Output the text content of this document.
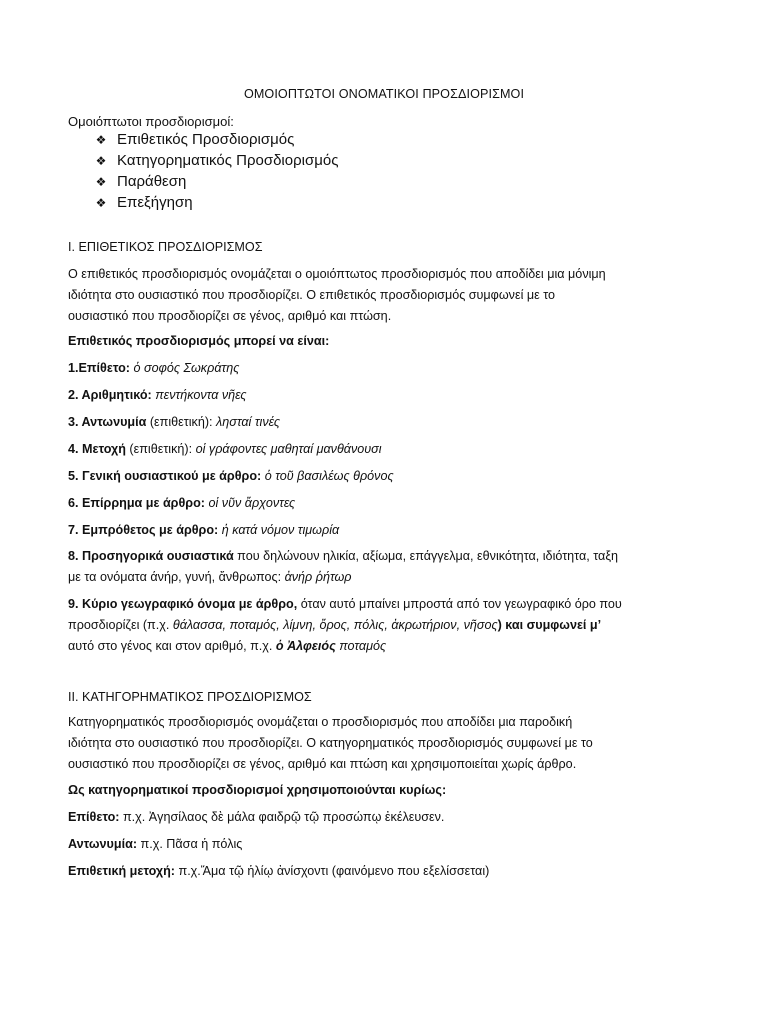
ΟΜΟΙΟΠΤΩΤΟΙ ΟΝΟΜΑΤΙΚΟΙ ΠΡΟΣΔΙΟΡΙΣΜΟΙ
Ομοιόπτωτοι προσδιορισμοί:
❖ Επιθετικός Προσδιορισμός
❖ Κατηγορηματικός Προσδιορισμός
❖ Παράθεση
❖ Επεξήγηση
Ι. ΕΠΙΘΕΤΙΚΟΣ ΠΡΟΣΔΙΟΡΙΣΜΟΣ
Ο επιθετικός προσδιορισμός ονομάζεται ο ομοιόπτωτος προσδιορισμός που αποδίδει μια μόνιμη
ιδιότητα στο ουσιαστικό που προσδιορίζει. Ο επιθετικός προσδιορισμός συμφωνεί με το
ουσιαστικό που προσδιορίζει σε γένος, αριθμό και πτώση.
Επιθετικός προσδιορισμός μπορεί να είναι:
1.Επίθετο: ὁ σοφός Σωκράτης
2. Αριθμητικό: πεντήκοντα νῆες
3. Αντωνυμία (επιθετική): λησταί τινές
4. Μετοχή (επιθετική): οἱ γράφοντες μαθηταί μανθάνουσι
5. Γενική ουσιαστικού με άρθρο: ὁ τοῦ βασιλέως θρόνος
6. Επίρρημα με άρθρο: οἱ νῦν ἄρχοντες
7. Εμπρόθετος με άρθρο: ἡ κατά νόμον τιμωρία
8. Προσηγορικά ουσιαστικά που δηλώνουν ηλικία, αξίωμα, επάγγελμα, εθνικότητα, ιδιότητα, ταξη
με τα ονόματα άνήρ, γυνή, ἄνθρωπος: ἀνήρ ῥήτωρ
9. Κύριο γεωγραφικό όνομα με άρθρο, όταν αυτό μπαίνει μπροστά από τον γεωγραφικό όρο που
προσδιορίζει (π.χ. θάλασσα, ποταμός, λίμνη, ὄρος, πόλις, ἀκρωτήριον, νῆσος) και συμφωνεί μ’
αυτό στο γένος και στον αριθμό, π.χ. ὁ Ἀλφειός ποταμός
ΙΙ. ΚΑΤΗΓΟΡΗΜΑΤΙΚΟΣ ΠΡΟΣΔΙΟΡΙΣΜΟΣ
Κατηγορηματικός προσδιορισμός ονομάζεται ο προσδιορισμός που αποδίδει μια παροδική
ιδιότητα στο ουσιαστικό που προσδιορίζει. Ο κατηγορηματικός προσδιορισμός συμφωνεί με το
ουσιαστικό που προσδιορίζει σε γένος, αριθμό και πτώση και χρησιμοποιείται χωρίς άρθρο.
Ως κατηγορηματικοί προσδιορισμοί χρησιμοποιούνται κυρίως:
Επίθετο: π.χ. Ἀγησίλαος δὲ μάλα φαιδρῷ τῷ προσώπῳ ἐκέλευσεν.
Αντωνυμία: π.χ. Πᾶσα ἡ πόλις
Επιθετική μετοχή: π.χ.Ἅμα τῷ ἡλίῳ ἀνίσχοντι (φαινόμενο που εξελίσσεται)
